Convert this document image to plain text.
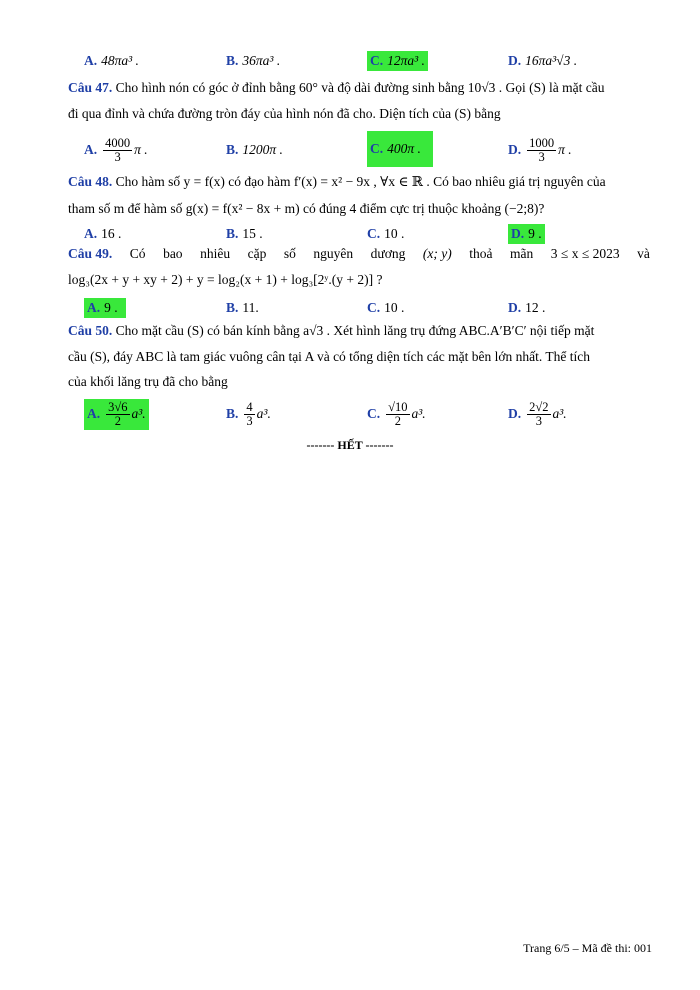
A. 48πa³ .	B. 36πa³ .	C. 12πa³ .	D. 16πa³√3 .
Câu 47. Cho hình nón có góc ở đỉnh bằng 60° và độ dài đường sinh bằng 10√3 . Gọi (S) là mặt cầu
đi qua đỉnh và chứa đường tròn đáy của hình nón đã cho. Diện tích của (S) bằng
A. $\frac{4000}{3}$ π .	B. 1200π .	C. 400π .	D. $\frac{1000}{3}$ π .
Câu 48. Cho hàm số y = f(x) có đạo hàm f′(x) = x² − 9x , ∀x ∈ ℝ . Có bao nhiêu giá trị nguyên của
tham số m để hàm số g(x) = f(x² − 8x + m) có đúng 4 điểm cực trị thuộc khoảng (−2;8)?
A. 16 .	B. 15 .	C. 10 .	D. 9 .
Câu 49. Có bao nhiêu cặp số nguyên dương (x; y) thoả mãn 3 ≤ x ≤ 2023 và
log₃(2x + y + xy + 2) + y = log₂(x + 1) + log₃[2ʸ.(y + 2)] ?
A. 9 .	B. 11.	C. 10 .	D. 12 .
Câu 50. Cho mặt cầu (S) có bán kính bằng a√3 . Xét hình lăng trụ đứng ABC.A′B′C′ nội tiếp mặt
cầu (S), đáy ABC là tam giác vuông cân tại A và có tổng diện tích các mặt bên lớn nhất. Thể tích
của khối lăng trụ đã cho bằng
A. $\frac{3√6}{2} a^3$.	B. $\frac{4}{3} a^3$.	C. $\frac{√10}{2} a^3$.	D. $\frac{2√2}{3} a^3$.
------- HẾT -------
Trang 6/5 – Mã đề thi: 001
